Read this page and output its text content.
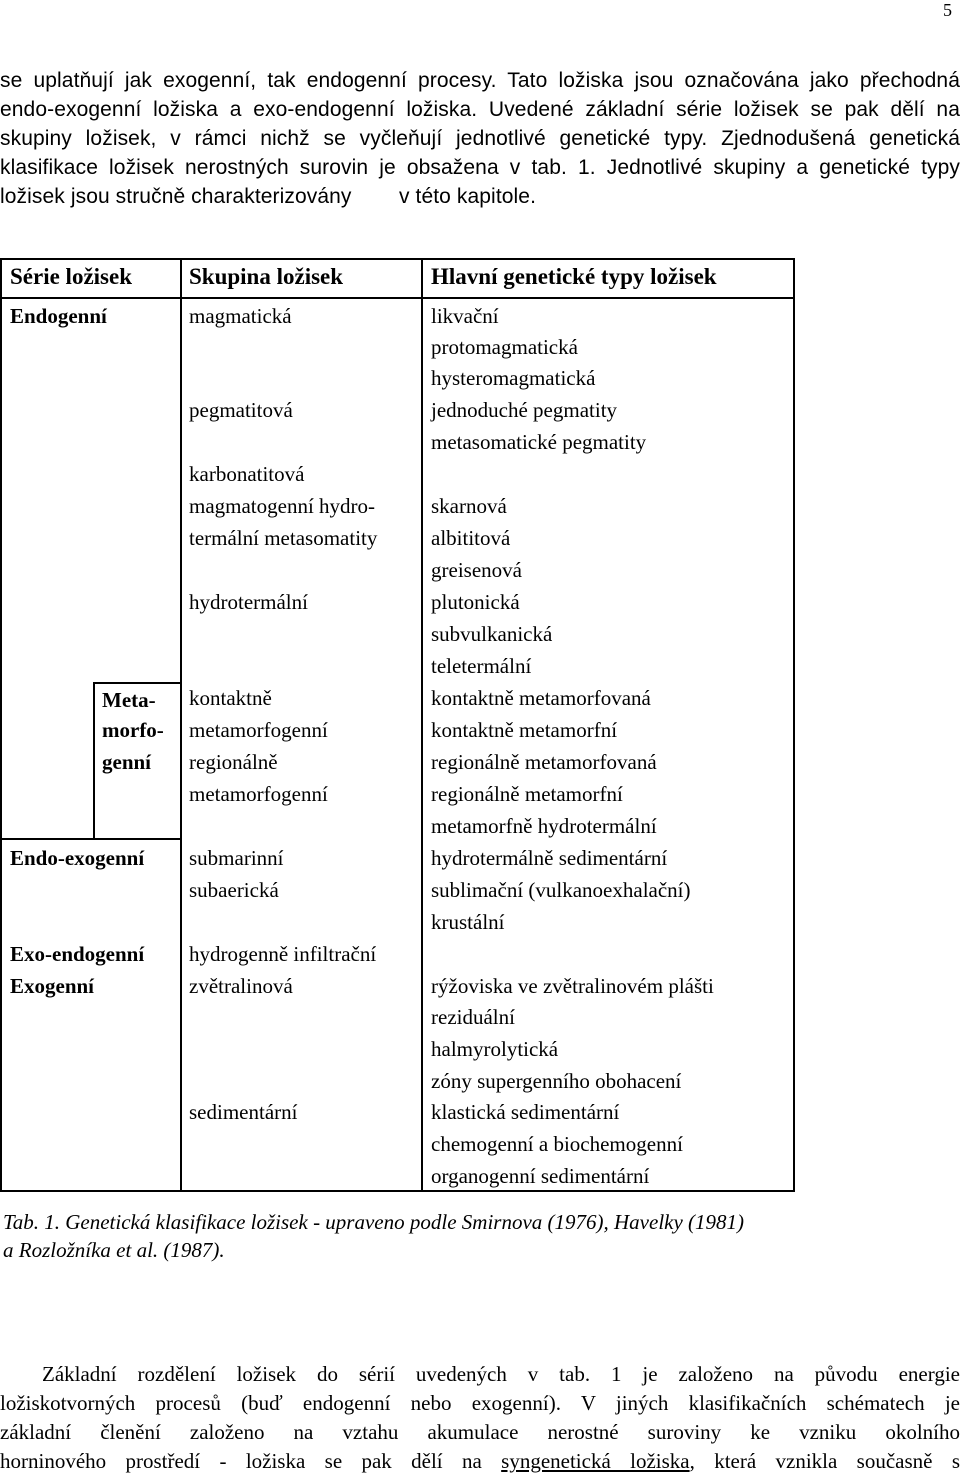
5
se uplatňují jak exogenní, tak endogenní procesy. Tato ložiska jsou označována jako přechodná
endo-exogenní ložiska a exo-endogenní ložiska. Uvedené základní série ložisek se pak dělí na
skupiny ložisek, v rámci nichž se vyčleňují jednotlivé genetické typy. Zjednodušená genetická
klasifikace ložisek nerostných surovin je obsažena v tab. 1. Jednotlivé skupiny a genetické typy
ložisek jsou stručně charakterizovány        v této kapitole.
Série ložisek Skupina ložisek	Hlavní genetické typy ložisek
Endogenní
Meta-
morfo-
genní
Endo-exogenní
Exo-endogenní
Exogenní
magmatická
pegmatitová
karbonatitová
magmatogenní hydro-
termální metasomatity
hydrotermální
kontaktně
metamorfogenní
regionálně
metamorfogenní
submarinní
subaerická
hydrogenně infiltrační
zvětralinová
sedimentární
likvační
protomagmatická
hysteromagmatická
jednoduché pegmatity
metasomatické pegmatity
skarnová
albititová
greisenová
plutonická
subvulkanická
teletermální
kontaktně metamorfovaná
kontaktně metamorfní
regionálně metamorfovaná
regionálně metamorfní
metamorfně hydrotermální
hydrotermálně sedimentární
sublimační (vulkanoexhalační)
krustální
rýžoviska ve zvětralinovém plášti
reziduální
halmyrolytická
zóny supergenního obohacení
klastická sedimentární
chemogenní a biochemogenní
organogenní sedimentární
Tab. 1. Genetická klasifikace ložisek - upraveno podle Smirnova (1976), Havelky (1981)
a Rozložníka et al. (1987).
Základní rozdělení ložisek do sérií uvedených v tab. 1 je založeno na původu energie
ložiskotvorných procesů (buď endogenní nebo exogenní). V jiných klasifikačních schématech je
základní členění založeno na vztahu akumulace nerostné suroviny ke vzniku okolního
horninového prostředí - ložiska se pak dělí na syngenetická ložiska, která vznikla současně s
